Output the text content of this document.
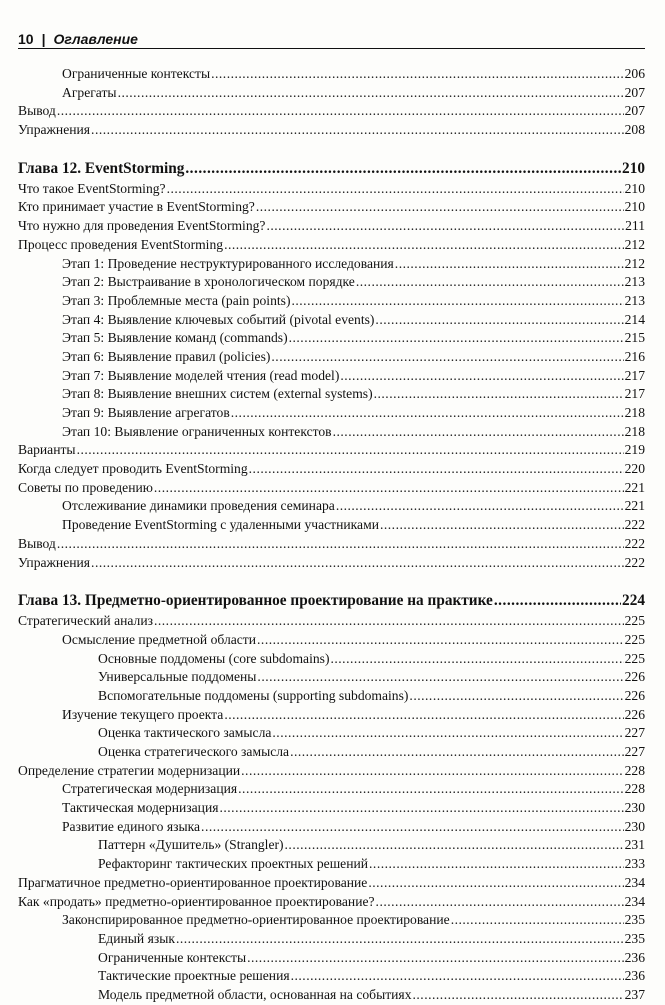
10 | Оглавление
Ограниченные контексты .....	206
Агрегаты .....	207
Вывод .....	207
Упражнения .....	208
Глава 12. EventStorming .....	210
Что такое EventStorming? .....	210
Кто принимает участие в EventStorming? .....	210
Что нужно для проведения EventStorming? .....	211
Процесс проведения EventStorming .....	212
Этап 1: Проведение неструктурированного исследования .....	212
Этап 2: Выстраивание в хронологическом порядке .....	213
Этап 3: Проблемные места (pain points) .....	213
Этап 4: Выявление ключевых событий (pivotal events) .....	214
Этап 5: Выявление команд (commands) .....	215
Этап 6: Выявление правил (policies) .....	216
Этап 7: Выявление моделей чтения (read model) .....	217
Этап 8: Выявление внешних систем (external systems) .....	217
Этап 9: Выявление агрегатов .....	218
Этап 10: Выявление ограниченных контекстов .....	218
Варианты .....	219
Когда следует проводить EventStorming .....	220
Советы по проведению .....	221
Отслеживание динамики проведения семинара .....	221
Проведение EventStorming с удаленными участниками .....	222
Вывод .....	222
Упражнения .....	222
Глава 13. Предметно-ориентированное проектирование на практике .....	224
Стратегический анализ .....	225
Осмысление предметной области .....	225
Основные поддомены (core subdomains) .....	225
Универсальные поддомены .....	226
Вспомогательные поддомены (supporting subdomains) .....	226
Изучение текущего проекта .....	226
Оценка тактического замысла .....	227
Оценка стратегического замысла .....	227
Определение стратегии модернизации .....	228
Стратегическая модернизация .....	228
Тактическая модернизация .....	230
Развитие единого языка .....	230
Паттерн «Душитель» (Strangler) .....	231
Рефакторинг тактических проектных решений .....	233
Прагматичное предметно-ориентированное проектирование .....	234
Как «продать» предметно-ориентированное проектирование? .....	234
Законспирированное предметно-ориентированное проектирование .....	235
Единый язык .....	235
Ограниченные контексты .....	236
Тактические проектные решения .....	236
Модель предметной области, основанная на событиях .....	237
